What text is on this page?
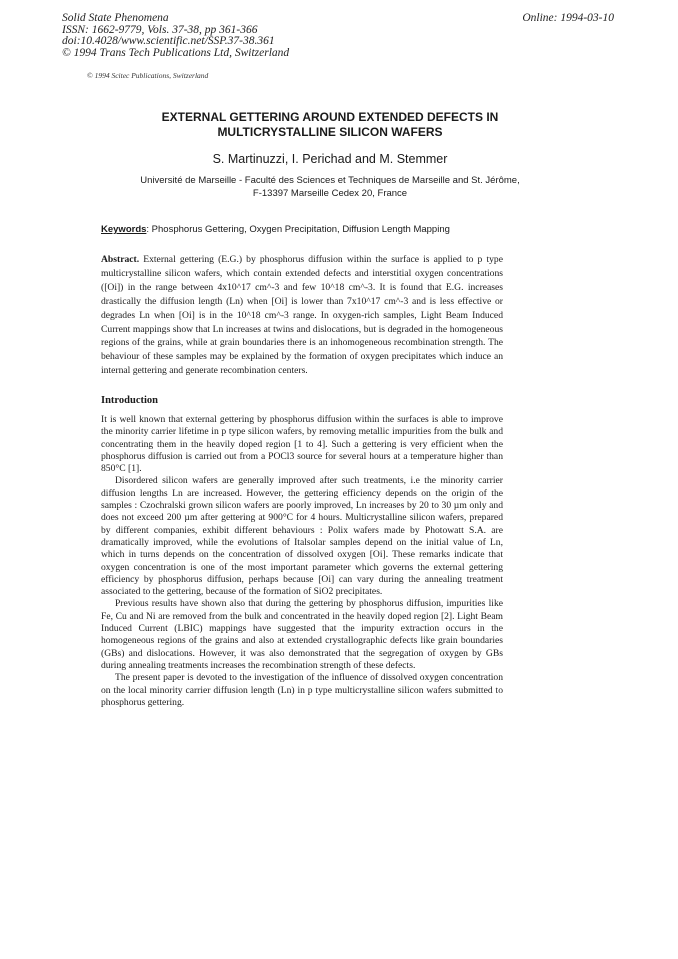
Solid State Phenomena
ISSN: 1662-9779, Vols. 37-38, pp 361-366
doi:10.4028/www.scientific.net/SSP.37-38.361
© 1994 Trans Tech Publications Ltd, Switzerland
Online: 1994-03-10
© 1994 Scitec Publications, Switzerland
EXTERNAL GETTERING AROUND EXTENDED DEFECTS IN
MULTICRYSTALLINE SILICON WAFERS
S. Martinuzzi, I. Perichad and M. Stemmer
Université de Marseille - Faculté des Sciences et Techniques de Marseille and St. Jérôme,
F-13397 Marseille Cedex 20, France
Keywords: Phosphorus Gettering, Oxygen Precipitation, Diffusion Length Mapping
Abstract. External gettering (E.G.) by phosphorus diffusion within the surface is applied to p type multicrystalline silicon wafers, which contain extended defects and interstitial oxygen concentrations ([Oi]) in the range between 4x10^17 cm^-3 and few 10^18 cm^-3. It is found that E.G. increases drastically the diffusion length (Ln) when [Oi] is lower than 7x10^17 cm^-3 and is less effective or degrades Ln when [Oi] is in the 10^18 cm^-3 range. In oxygen-rich samples, Light Beam Induced Current mappings show that Ln increases at twins and dislocations, but is degraded in the homogeneous regions of the grains, while at grain boundaries there is an inhomogeneous recombination strength. The behaviour of these samples may be explained by the formation of oxygen precipitates which induce an internal gettering and generate recombination centers.
Introduction

It is well known that external gettering by phosphorus diffusion within the surfaces is able to improve the minority carrier lifetime in p type silicon wafers, by removing metallic impurities from the bulk and concentrating them in the heavily doped region [1 to 4]. Such a gettering is very efficient when the phosphorus diffusion is carried out from a POCl3 source for several hours at a temperature higher than 850°C [1].

Disordered silicon wafers are generally improved after such treatments, i.e the minority carrier diffusion lengths Ln are increased. However, the gettering efficiency depends on the origin of the samples : Czochralski grown silicon wafers are poorly improved, Ln increases by 20 to 30 µm only and does not exceed 200 µm after gettering at 900°C for 4 hours. Multicrystalline silicon wafers, prepared by different companies, exhibit different behaviours : Polix wafers made by Photowatt S.A. are dramatically improved, while the evolutions of Italsolar samples depend on the initial value of Ln, which in turns depends on the concentration of dissolved oxygen [Oi]. These remarks indicate that oxygen concentration is one of the most important parameter which governs the external gettering efficiency by phosphorus diffusion, perhaps because [Oi] can vary during the annealing treatment associated to the gettering, because of the formation of SiO2 precipitates.

Previous results have shown also that during the gettering by phosphorus diffusion, impurities like Fe, Cu and Ni are removed from the bulk and concentrated in the heavily doped region [2]. Light Beam Induced Current (LBIC) mappings have suggested that the impurity extraction occurs in the homogeneous regions of the grains and also at extended crystallographic defects like grain boundaries (GBs) and dislocations. However, it was also demonstrated that the segregation of oxygen by GBs during annealing treatments increases the recombination strength of these defects.

The present paper is devoted to the investigation of the influence of dissolved oxygen concentration on the local minority carrier diffusion length (Ln) in p type multicrystalline silicon wafers submitted to phosphorus gettering.
